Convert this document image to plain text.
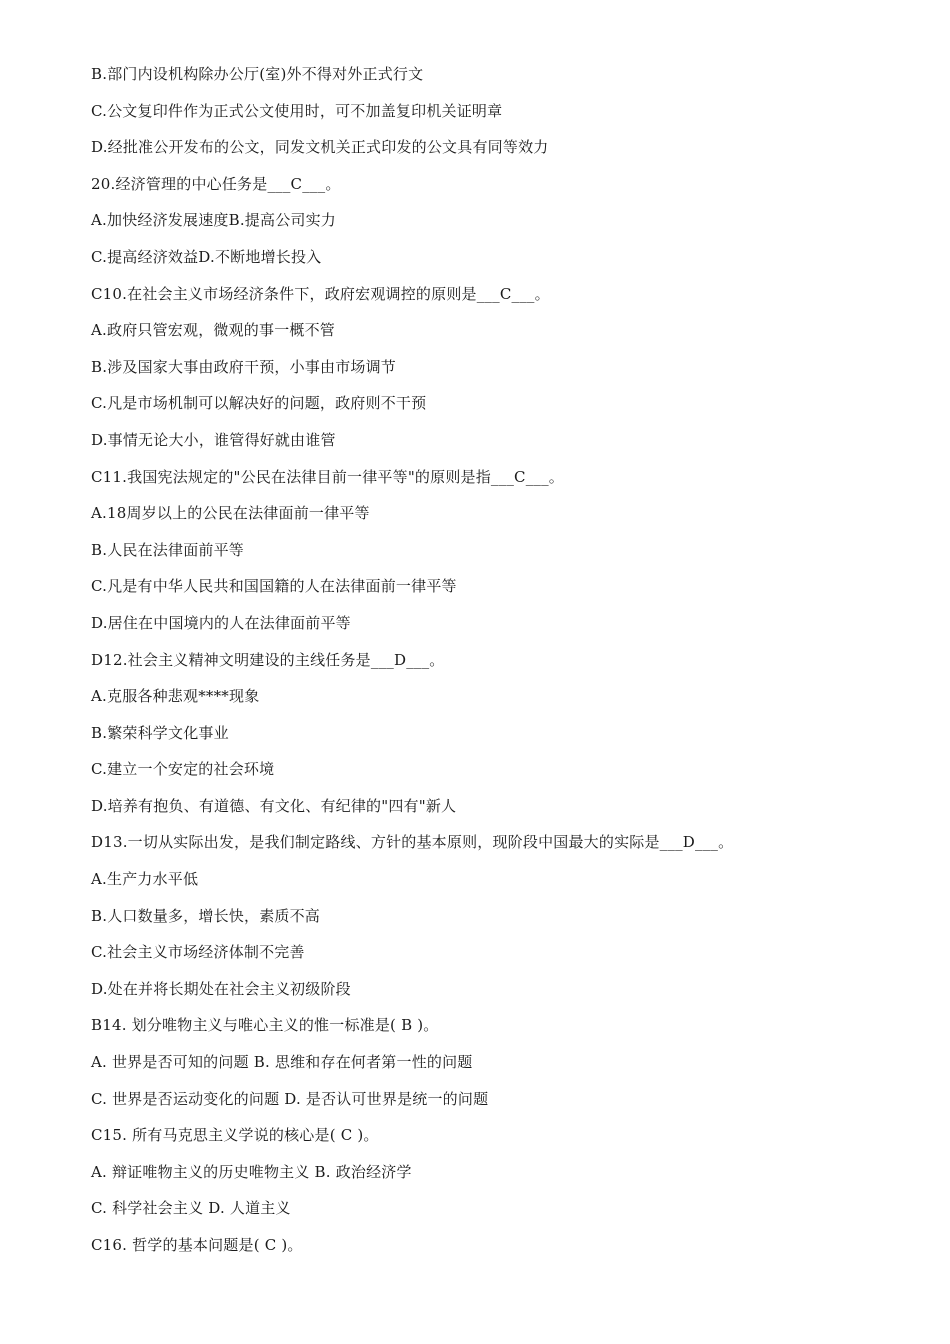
B.部门内设机构除办公厅(室)外不得对外正式行文
C.公文复印件作为正式公文使用时，可不加盖复印机关证明章
D.经批准公开发布的公文，同发文机关正式印发的公文具有同等效力
20.经济管理的中心任务是___C___。
A.加快经济发展速度B.提高公司实力
C.提高经济效益D.不断地增长投入
C10.在社会主义市场经济条件下，政府宏观调控的原则是___C___。
A.政府只管宏观，微观的事一概不管
B.涉及国家大事由政府干预，小事由市场调节
C.凡是市场机制可以解决好的问题，政府则不干预
D.事情无论大小，谁管得好就由谁管
C11.我国宪法规定的"公民在法律目前一律平等"的原则是指___C___。
A.18周岁以上的公民在法律面前一律平等
B.人民在法律面前平等
C.凡是有中华人民共和国国籍的人在法律面前一律平等
D.居住在中国境内的人在法律面前平等
D12.社会主义精神文明建设的主线任务是___D___。
A.克服各种悲观****现象
B.繁荣科学文化事业
C.建立一个安定的社会环境
D.培养有抱负、有道德、有文化、有纪律的"四有"新人
D13.一切从实际出发，是我们制定路线、方针的基本原则，现阶段中国最大的实际是___D___。
A.生产力水平低
B.人口数量多，增长快，素质不高
C.社会主义市场经济体制不完善
D.处在并将长期处在社会主义初级阶段
B14. 划分唯物主义与唯心主义的惟一标准是( B )。
A. 世界是否可知的问题 B. 思维和存在何者第一性的问题
C. 世界是否运动变化的问题 D. 是否认可世界是统一的问题
C15. 所有马克思主义学说的核心是( C )。
A. 辩证唯物主义的历史唯物主义 B. 政治经济学
C. 科学社会主义 D. 人道主义
C16. 哲学的基本问题是( C )。
